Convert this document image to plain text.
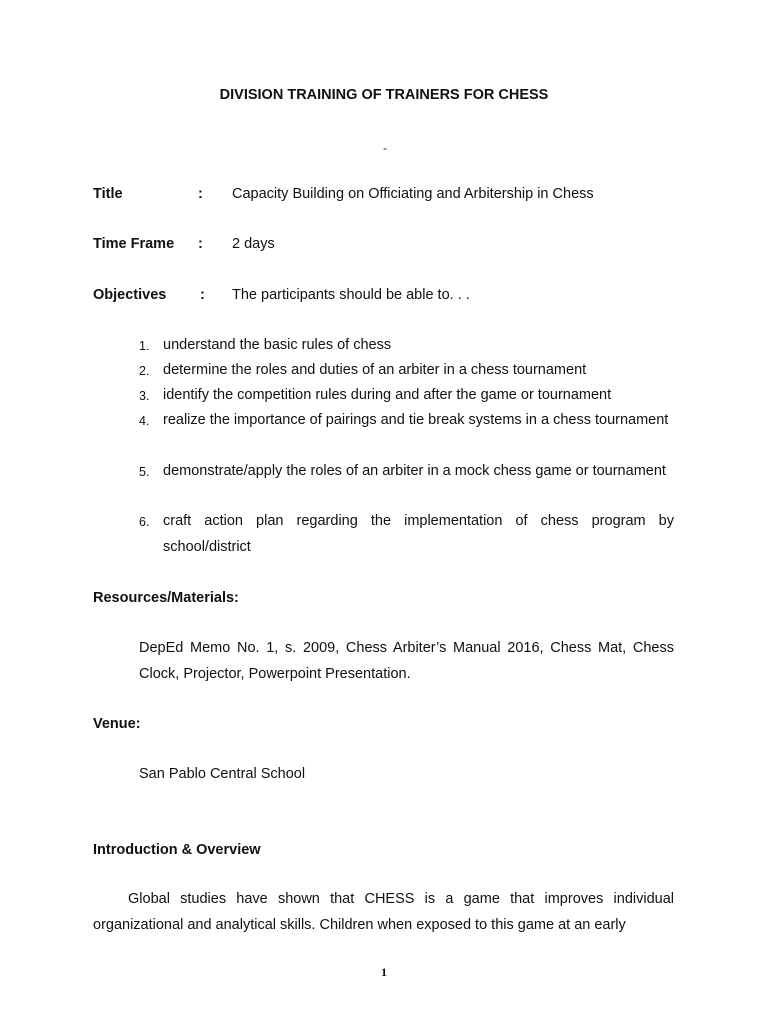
DIVISION TRAINING OF TRAINERS FOR CHESS
-
Title	: Capacity Building on Officiating and Arbitership in Chess
Time Frame : 2 days
Objectives : The participants should be able to. . .
1. understand the basic rules of chess
2. determine the roles and duties of an arbiter in a chess tournament
3. identify the competition rules during and after the game or tournament
4. realize the importance of pairings and tie break systems in a chess tournament
5. demonstrate/apply the roles of an arbiter in a mock chess game or tournament
6. craft action plan regarding the implementation of chess program by school/district
Resources/Materials:
DepEd Memo No. 1, s. 2009, Chess Arbiter’s Manual 2016, Chess Mat, Chess Clock, Projector, Powerpoint Presentation.
Venue:
San Pablo Central School
Introduction & Overview
Global studies have shown that CHESS is a game that improves individual organizational and analytical skills. Children when exposed to this game at an early
1
